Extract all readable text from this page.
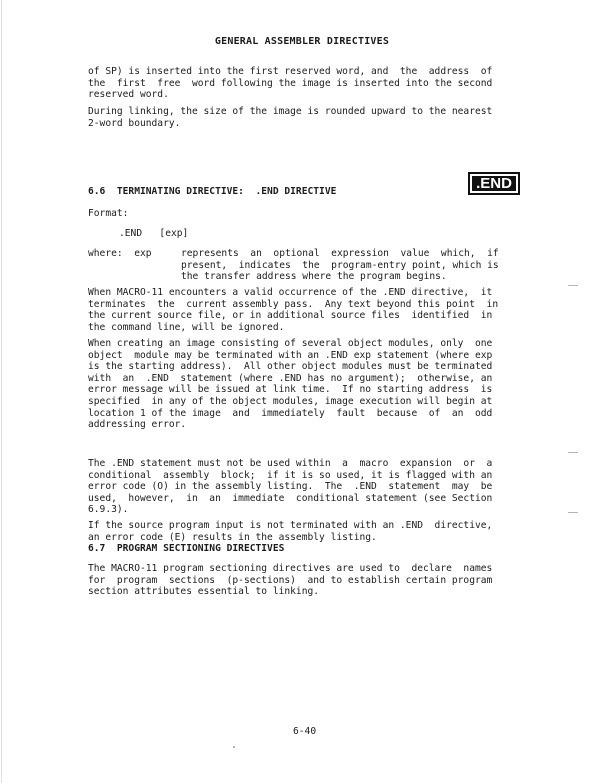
GENERAL ASSEMBLER DIRECTIVES
of SP) is inserted into the first reserved word, and  the  address  of
the  first  free  word following the image is inserted into the second
reserved word.
During linking, the size of the image is rounded upward to the nearest
2-word boundary.
6.6  TERMINATING DIRECTIVE:  .END DIRECTIVE	.END
Format:
.END   [exp]
where:  exp	represents  an  optional  expression  value  which,  if
present,  indicates  the  program-entry point, which is
the transfer address where the program begins.
When MACRO-11 encounters a valid occurrence of the .END directive,  it
terminates  the  current assembly pass.  Any text beyond this point  in
the current source file, or in additional source files  identified  in
the command line, will be ignored.
When creating an image consisting of several object modules, only  one
object  module may be terminated with an .END exp statement (where exp
is the starting address).  All other object modules must be terminated
with  an  .END  statement (where .END has no argument);  otherwise, an
error message will be issued at link time.  If no starting address  is
specified  in any of the object modules, image execution will begin at
location 1 of the image  and  immediately  fault  because  of  an  odd
addressing error.
The .END statement must not be used within  a  macro  expansion  or  a
conditional  assembly  block;  if it is so used, it is flagged with an
error code (O) in the assembly listing.  The  .END  statement  may  be
used,  however,  in  an  immediate  conditional statement (see Section
6.9.3).
If the source program input is not terminated with an .END  directive,
an error code (E) results in the assembly listing.
6.7  PROGRAM SECTIONING DIRECTIVES
The MACRO-11 program sectioning directives are used to  declare  names
for  program  sections  (p-sections)  and to establish certain program
section attributes essential to linking.
6-40
